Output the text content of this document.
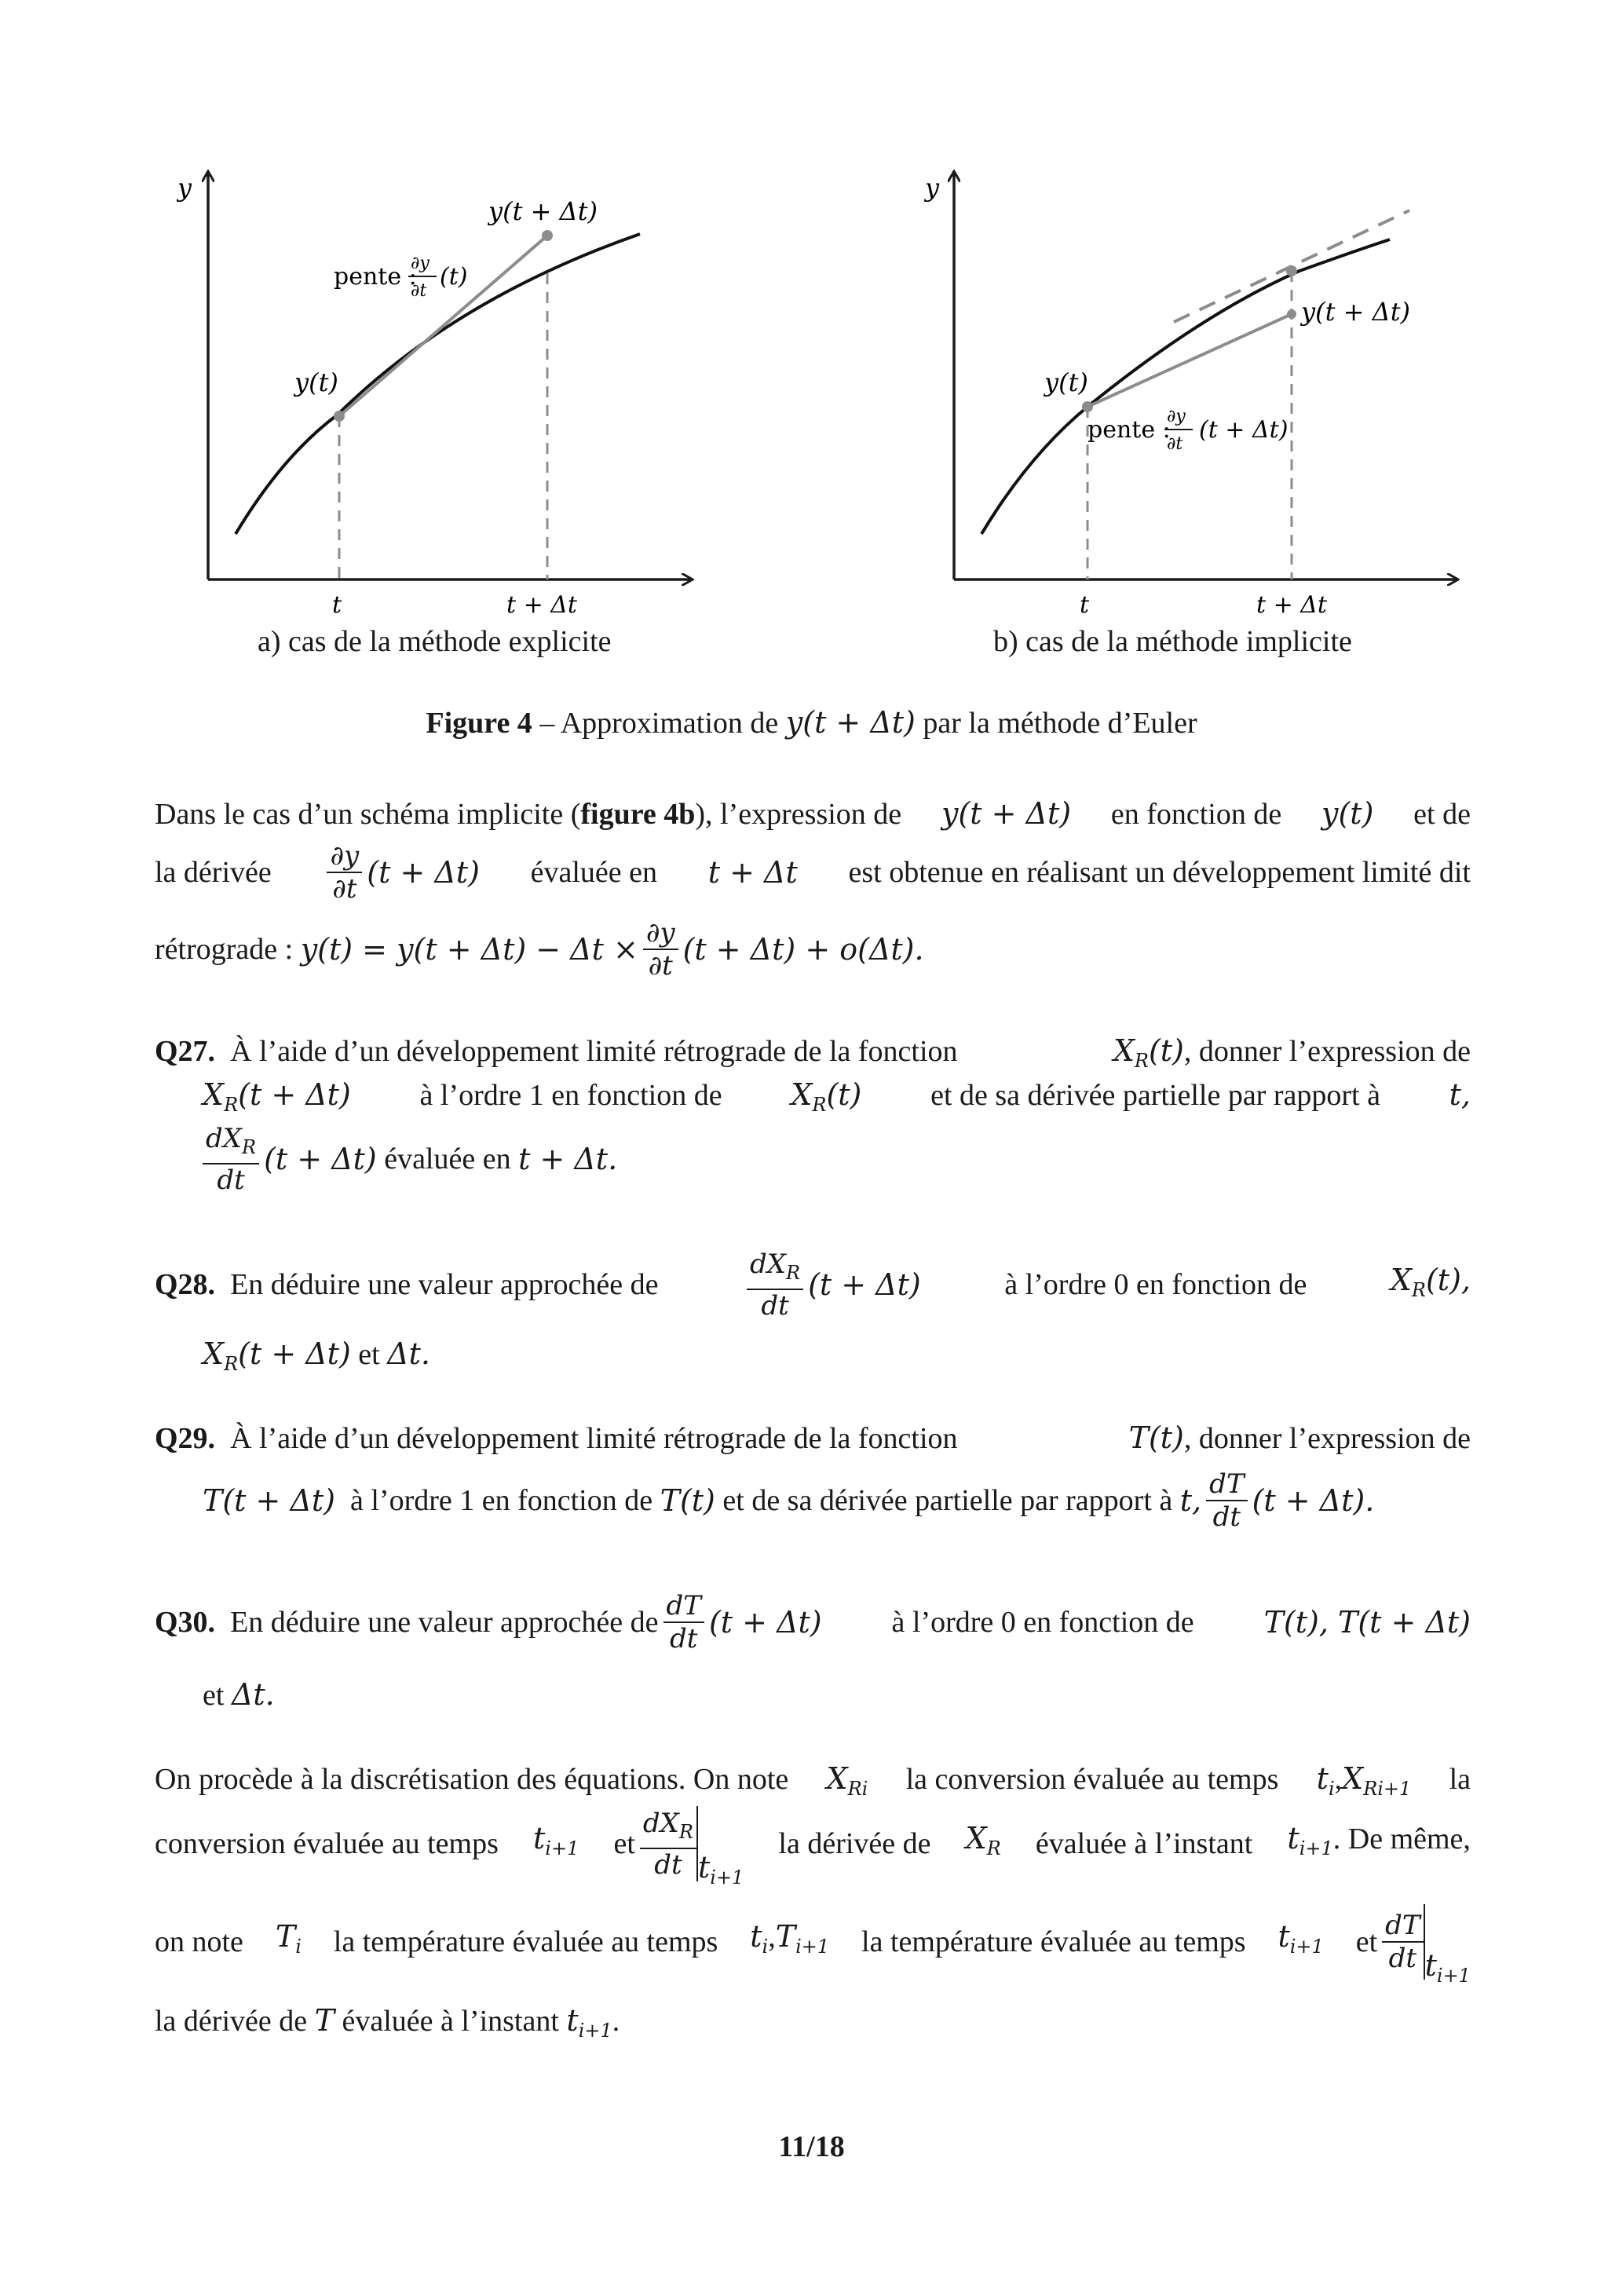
y
y(t + Δt)
pente :
∂y
∂t
(t)
y(t)
t	t + Δt
y
y(t + Δt)
y(t)
pente :
∂y
∂t
(t + Δt)
t	t + Δt
a) cas de la méthode explicite	b) cas de la méthode implicite
Figure 4 – Approximation de y(t + Δt) par la méthode d’Euler
Dans le cas d’un schéma implicite (figure 4b), l’expression de y(t + Δt) en fonction de y(t) et de
la dérivée $\frac{\partial y}{\partial t} (t + \Delta t)$ évaluée en t + Δt est obtenue en réalisant un développement limité dit
rétrograde :
$y(t) = y(t + \Delta t) - \Delta t \times \frac{\partial y}{\partial t} (t + \Delta t) + o(\Delta t)$.
Q27. À l’aide d’un développement limité rétrograde de la fonction	$X_R(t)$, donner l’expression de
$X_R(t + \Delta t)$ à l’ordre 1 en fonction de $X_R(t)$ et de sa dérivée partielle par rapport à t,
$\frac{dX_R}{dt} (t + \Delta t)$
évaluée en
t + Δt.
Q28. En déduire une valeur approchée de	$\frac{dX_R}{dt} (t + \Delta t)$	à l’ordre 0 en fonction de	$X_R(t)$,
$X_R(t + \Delta t)$ et Δt.
Q29. À l’aide d’un développement limité rétrograde de la fonction	T(t), donner l’expression de
T(t + Δt)
à l’ordre 1 en fonction de
T(t)
et de sa dérivée partielle par rapport à
t, $\frac{dT}{dt} (t + \Delta t)$.
Q30.
En déduire une valeur approchée de $\frac{dT}{dt} (t + \Delta t)$ à l’ordre 0 en fonction de T(t), T(t + Δt)
et Δt.
On procède à la discrétisation des équations. On note $X_{Ri}$ la conversion évaluée au temps $t_i,X_{Ri+1}$ la
conversion évaluée au temps $t_{i+1}$ et $\frac{dX_R}{dt} t_{i+1}$
la dérivée de $X_R$ évaluée à l’instant $t_{i+1}$. De même,
on note $T_i$ la température évaluée au temps $t_i,T_{i+1}$ la température évaluée au temps $t_{i+1}$ et $\frac{dT}{dt} t_{i+1}$
la dérivée de T évaluée à l’instant $t_{i+1}$.
11/18
